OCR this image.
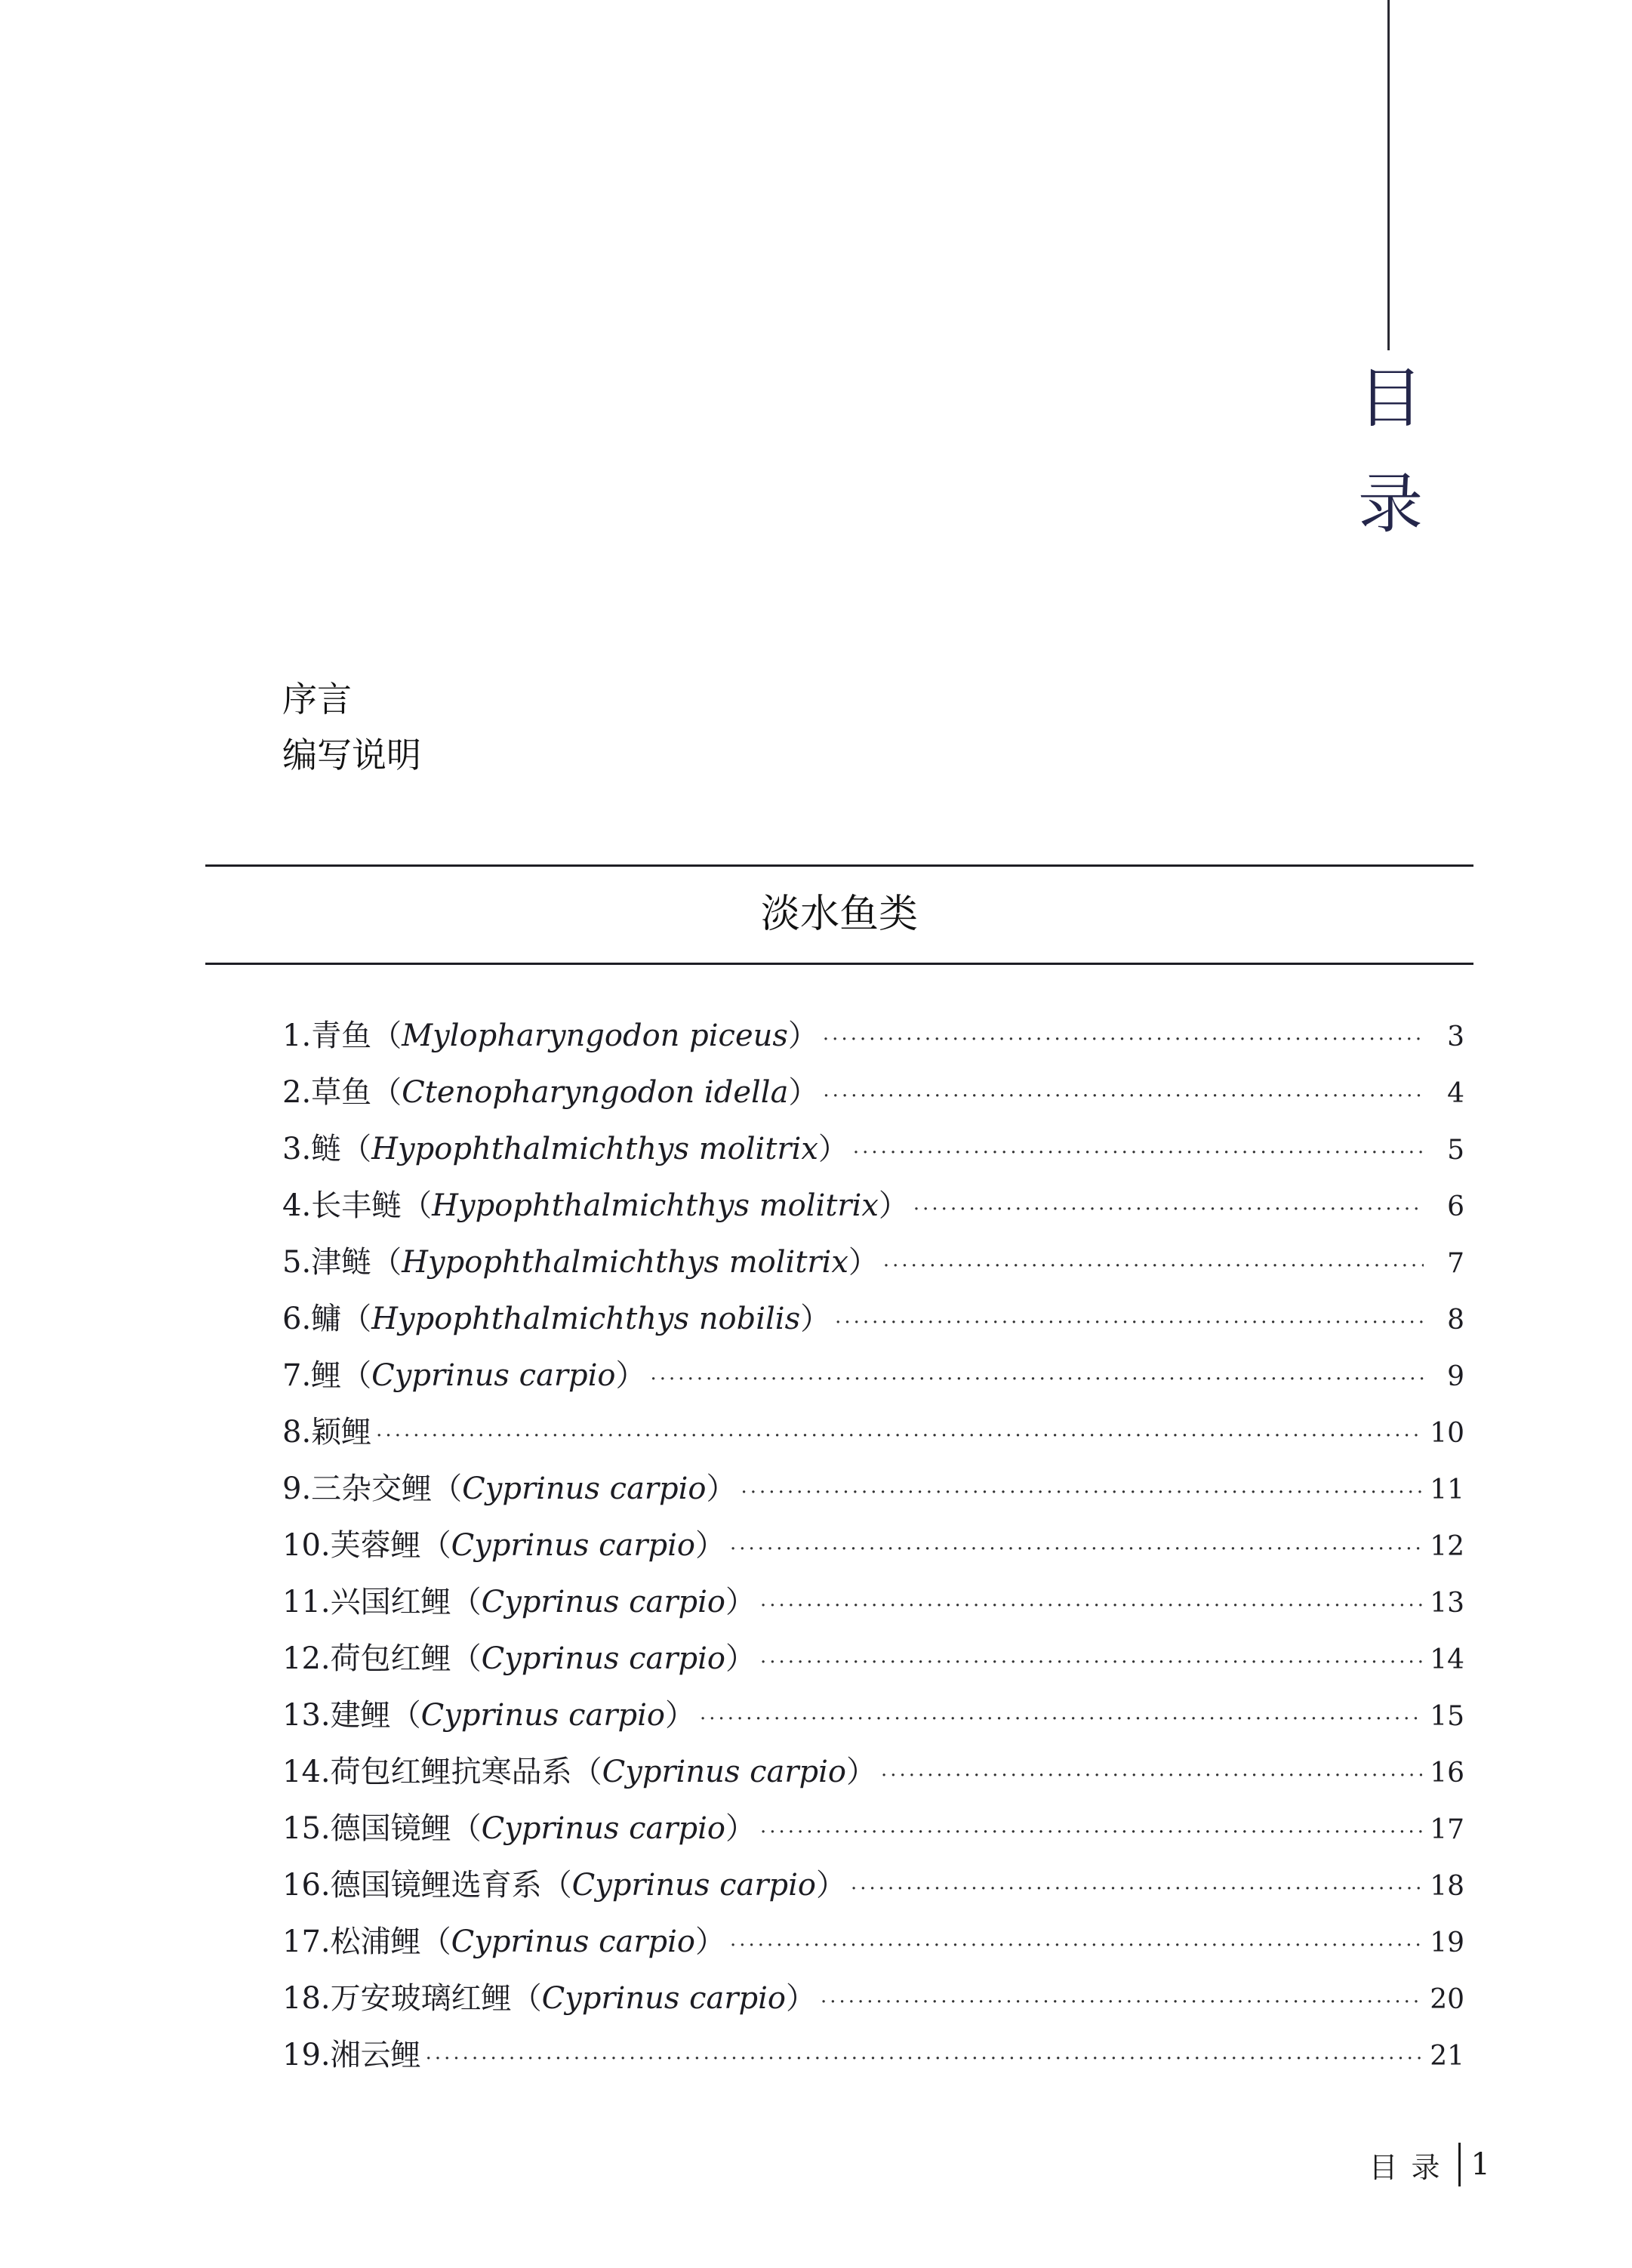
目
录
序言
编写说明
淡水鱼类
1.青鱼（Mylopharyngodon piceus） ·····	3
2.草鱼（Ctenopharyngodon idella） ·····	4
3.鲢（Hypophthalmichthys molitrix） ·····	5
4.长丰鲢（Hypophthalmichthys molitrix） ·····	6
5.津鲢（Hypophthalmichthys molitrix） ·····	7
6.鳙（Hypophthalmichthys nobilis） ·····	8
7.鲤（Cyprinus carpio） ·····	9
8.颖鲤 ·····	10
9.三杂交鲤（Cyprinus carpio） ·····	11
10.芙蓉鲤（Cyprinus carpio） ·····	12
11.兴国红鲤（Cyprinus carpio） ·····	13
12.荷包红鲤（Cyprinus carpio） ·····	14
13.建鲤（Cyprinus carpio） ·····	15
14.荷包红鲤抗寒品系（Cyprinus carpio） ·····	16
15.德国镜鲤（Cyprinus carpio） ·····	17
16.德国镜鲤选育系（Cyprinus carpio） ·····	18
17.松浦鲤（Cyprinus carpio） ·····	19
18.万安玻璃红鲤（Cyprinus carpio） ·····	20
19.湘云鲤 ·····	21
目录 1
